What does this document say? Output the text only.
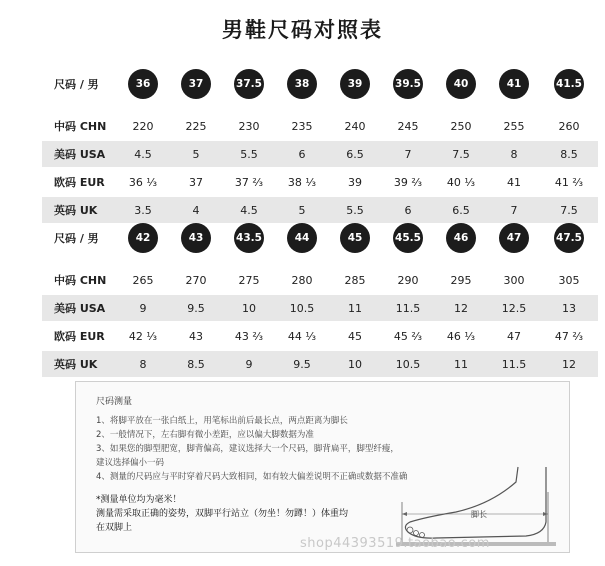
男鞋尺码对照表
尺码 / 男	36	37	37.5	38	39	39.5	40	41	41.5
中码 CHN	220	225	230	235	240	245	250	255	260
美码 USA	4.5	5	5.5	6	6.5	7	7.5	8	8.5
欧码 EUR	36 ⅓	37	37 ⅔	38 ⅓	39	39 ⅔	40 ⅓	41	41 ⅔
英码 UK	3.5	4	4.5	5	5.5	6	6.5	7	7.5
尺码 / 男	42	43	43.5	44	45	45.5	46	47	47.5
中码 CHN	265	270	275	280	285	290	295	300	305
美码 USA	9	9.5	10	10.5	11	11.5	12	12.5	13
欧码 EUR	42 ⅓	43	43 ⅔	44 ⅓	45	45 ⅔	46 ⅓	47	47 ⅔
英码 UK	8	8.5	9	9.5	10	10.5	11	11.5	12
尺码测量
1、将脚平放在一张白纸上，用笔标出前后最长点，两点距离为脚长
2、一般情况下，左右脚有微小差距，应以偏大脚数据为准
3、如果您的脚型肥宽，脚背偏高，建议选择大一个尺码，脚背扁平，脚型纤瘦，
建议选择偏小一码
4、测量的尺码应与平时穿着尺码大致相同，如有较大偏差说明不正确或数据不准确
*测量单位均为毫米！
测量需采取正确的姿势，双脚平行站立（勿坐！勿蹲！）体重均
在双脚上
脚长
shop44393519.taobao.com
